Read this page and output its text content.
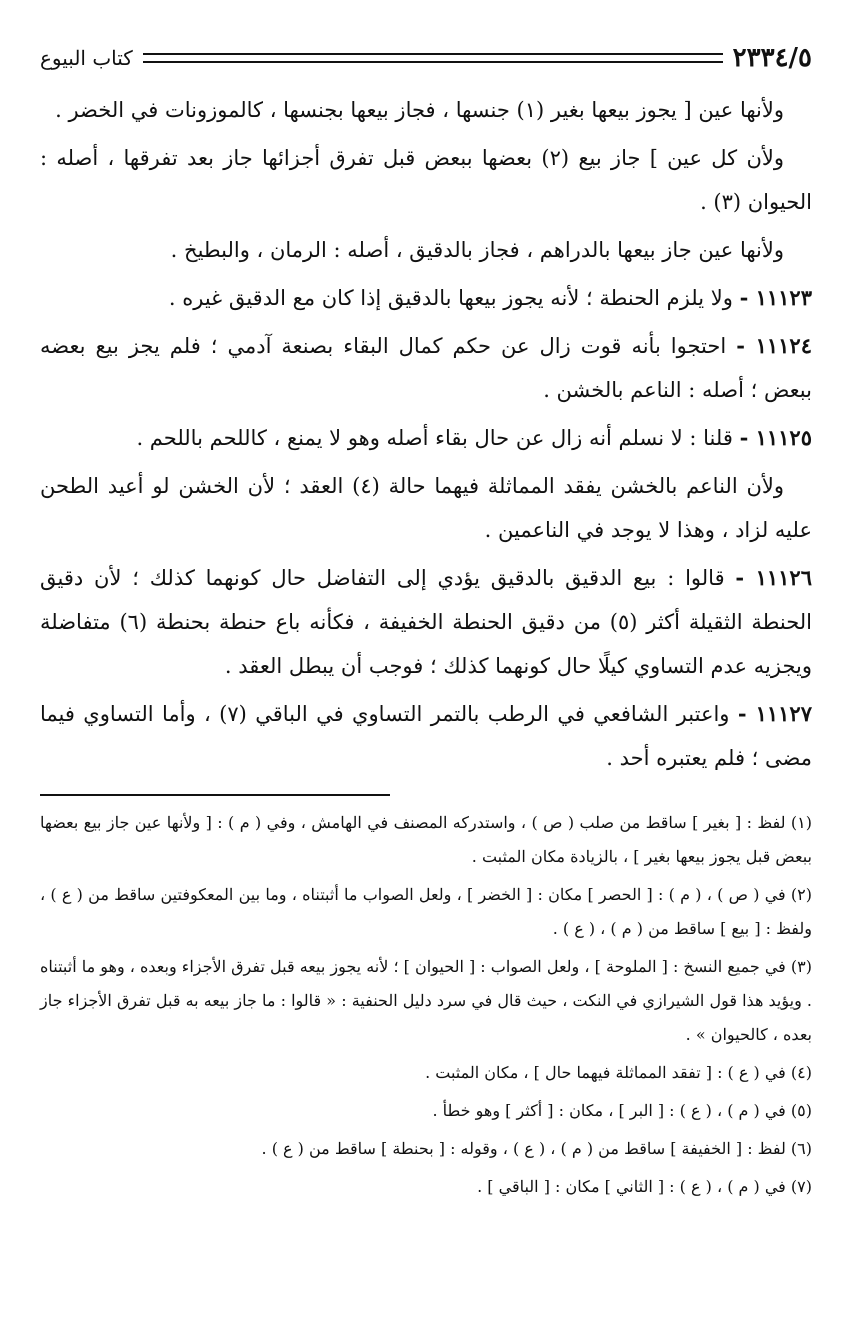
٢٣٣٤/٥
كتاب البيوع

ولأنها عين [ يجوز بيعها بغير (١) جنسها ، فجاز بيعها بجنسها ، كالموزونات في الخضر .

ولأن كل عين ] جاز بيع (٢) بعضها ببعض قبل تفرق أجزائها جاز بعد تفرقها ، أصله : الحيوان (٣) .

ولأنها عين جاز بيعها بالدراهم ، فجاز بالدقيق ، أصله : الرمان ، والبطيخ .

١١١٢٣ - ولا يلزم الحنطة ؛ لأنه يجوز بيعها بالدقيق إذا كان مع الدقيق غيره .

١١١٢٤ - احتجوا بأنه قوت زال عن حكم كمال البقاء بصنعة آدمي ؛ فلم يجز بيع بعضه ببعض ؛ أصله : الناعم بالخشن .

١١١٢٥ - قلنا : لا نسلم أنه زال عن حال بقاء أصله وهو لا يمنع ، كاللحم باللحم .

ولأن الناعم بالخشن يفقد المماثلة فيهما حالة (٤) العقد ؛ لأن الخشن لو أعيد الطحن عليه لزاد ، وهذا لا يوجد في الناعمين .

١١١٢٦ - قالوا : بيع الدقيق بالدقيق يؤدي إلى التفاضل حال كونهما كذلك ؛ لأن دقيق الحنطة الثقيلة أكثر (٥) من دقيق الحنطة الخفيفة ، فكأنه باع حنطة بحنطة (٦) متفاضلة ويجزيه عدم التساوي كيلًا حال كونهما كذلك ؛ فوجب أن يبطل العقد .

١١١٢٧ - واعتبر الشافعي في الرطب بالتمر التساوي في الباقي (٧) ، وأما التساوي فيما مضى ؛ فلم يعتبره أحد .

(١) لفظ : [ بغير ] ساقط من صلب ( ص ) ، واستدركه المصنف في الهامش ، وفي ( م ) : [ ولأنها عين جاز بيع بعضها ببعض قبل يجوز بيعها بغير ] ، بالزيادة مكان المثبت .

(٢) في ( ص ) ، ( م ) : [ الحصر ] مكان : [ الخضر ] ، ولعل الصواب ما أثبتناه ، وما بين المعكوفتين ساقط من ( ع ) ، ولفظ : [ بيع ] ساقط من ( م ) ، ( ع ) .

(٣) في جميع النسخ : [ الملوحة ] ، ولعل الصواب : [ الحيوان ] ؛ لأنه يجوز بيعه قبل تفرق الأجزاء وبعده ، وهو ما أثبتناه . ويؤيد هذا قول الشيرازي في النكت ، حيث قال في سرد دليل الحنفية : « قالوا : ما جاز بيعه به قبل تفرق الأجزاء جاز بعده ، كالحيوان » .

(٤) في ( ع ) : [ تفقد المماثلة فيهما حال ] ، مكان المثبت .

(٥) في ( م ) ، ( ع ) : [ البر ] ، مكان : [ أكثر ] وهو خطأ .

(٦) لفظ : [ الخفيفة ] ساقط من ( م ) ، ( ع ) ، وقوله : [ بحنطة ] ساقط من ( ع ) .

(٧) في ( م ) ، ( ع ) : [ الثاني ] مكان : [ الباقي ] .
